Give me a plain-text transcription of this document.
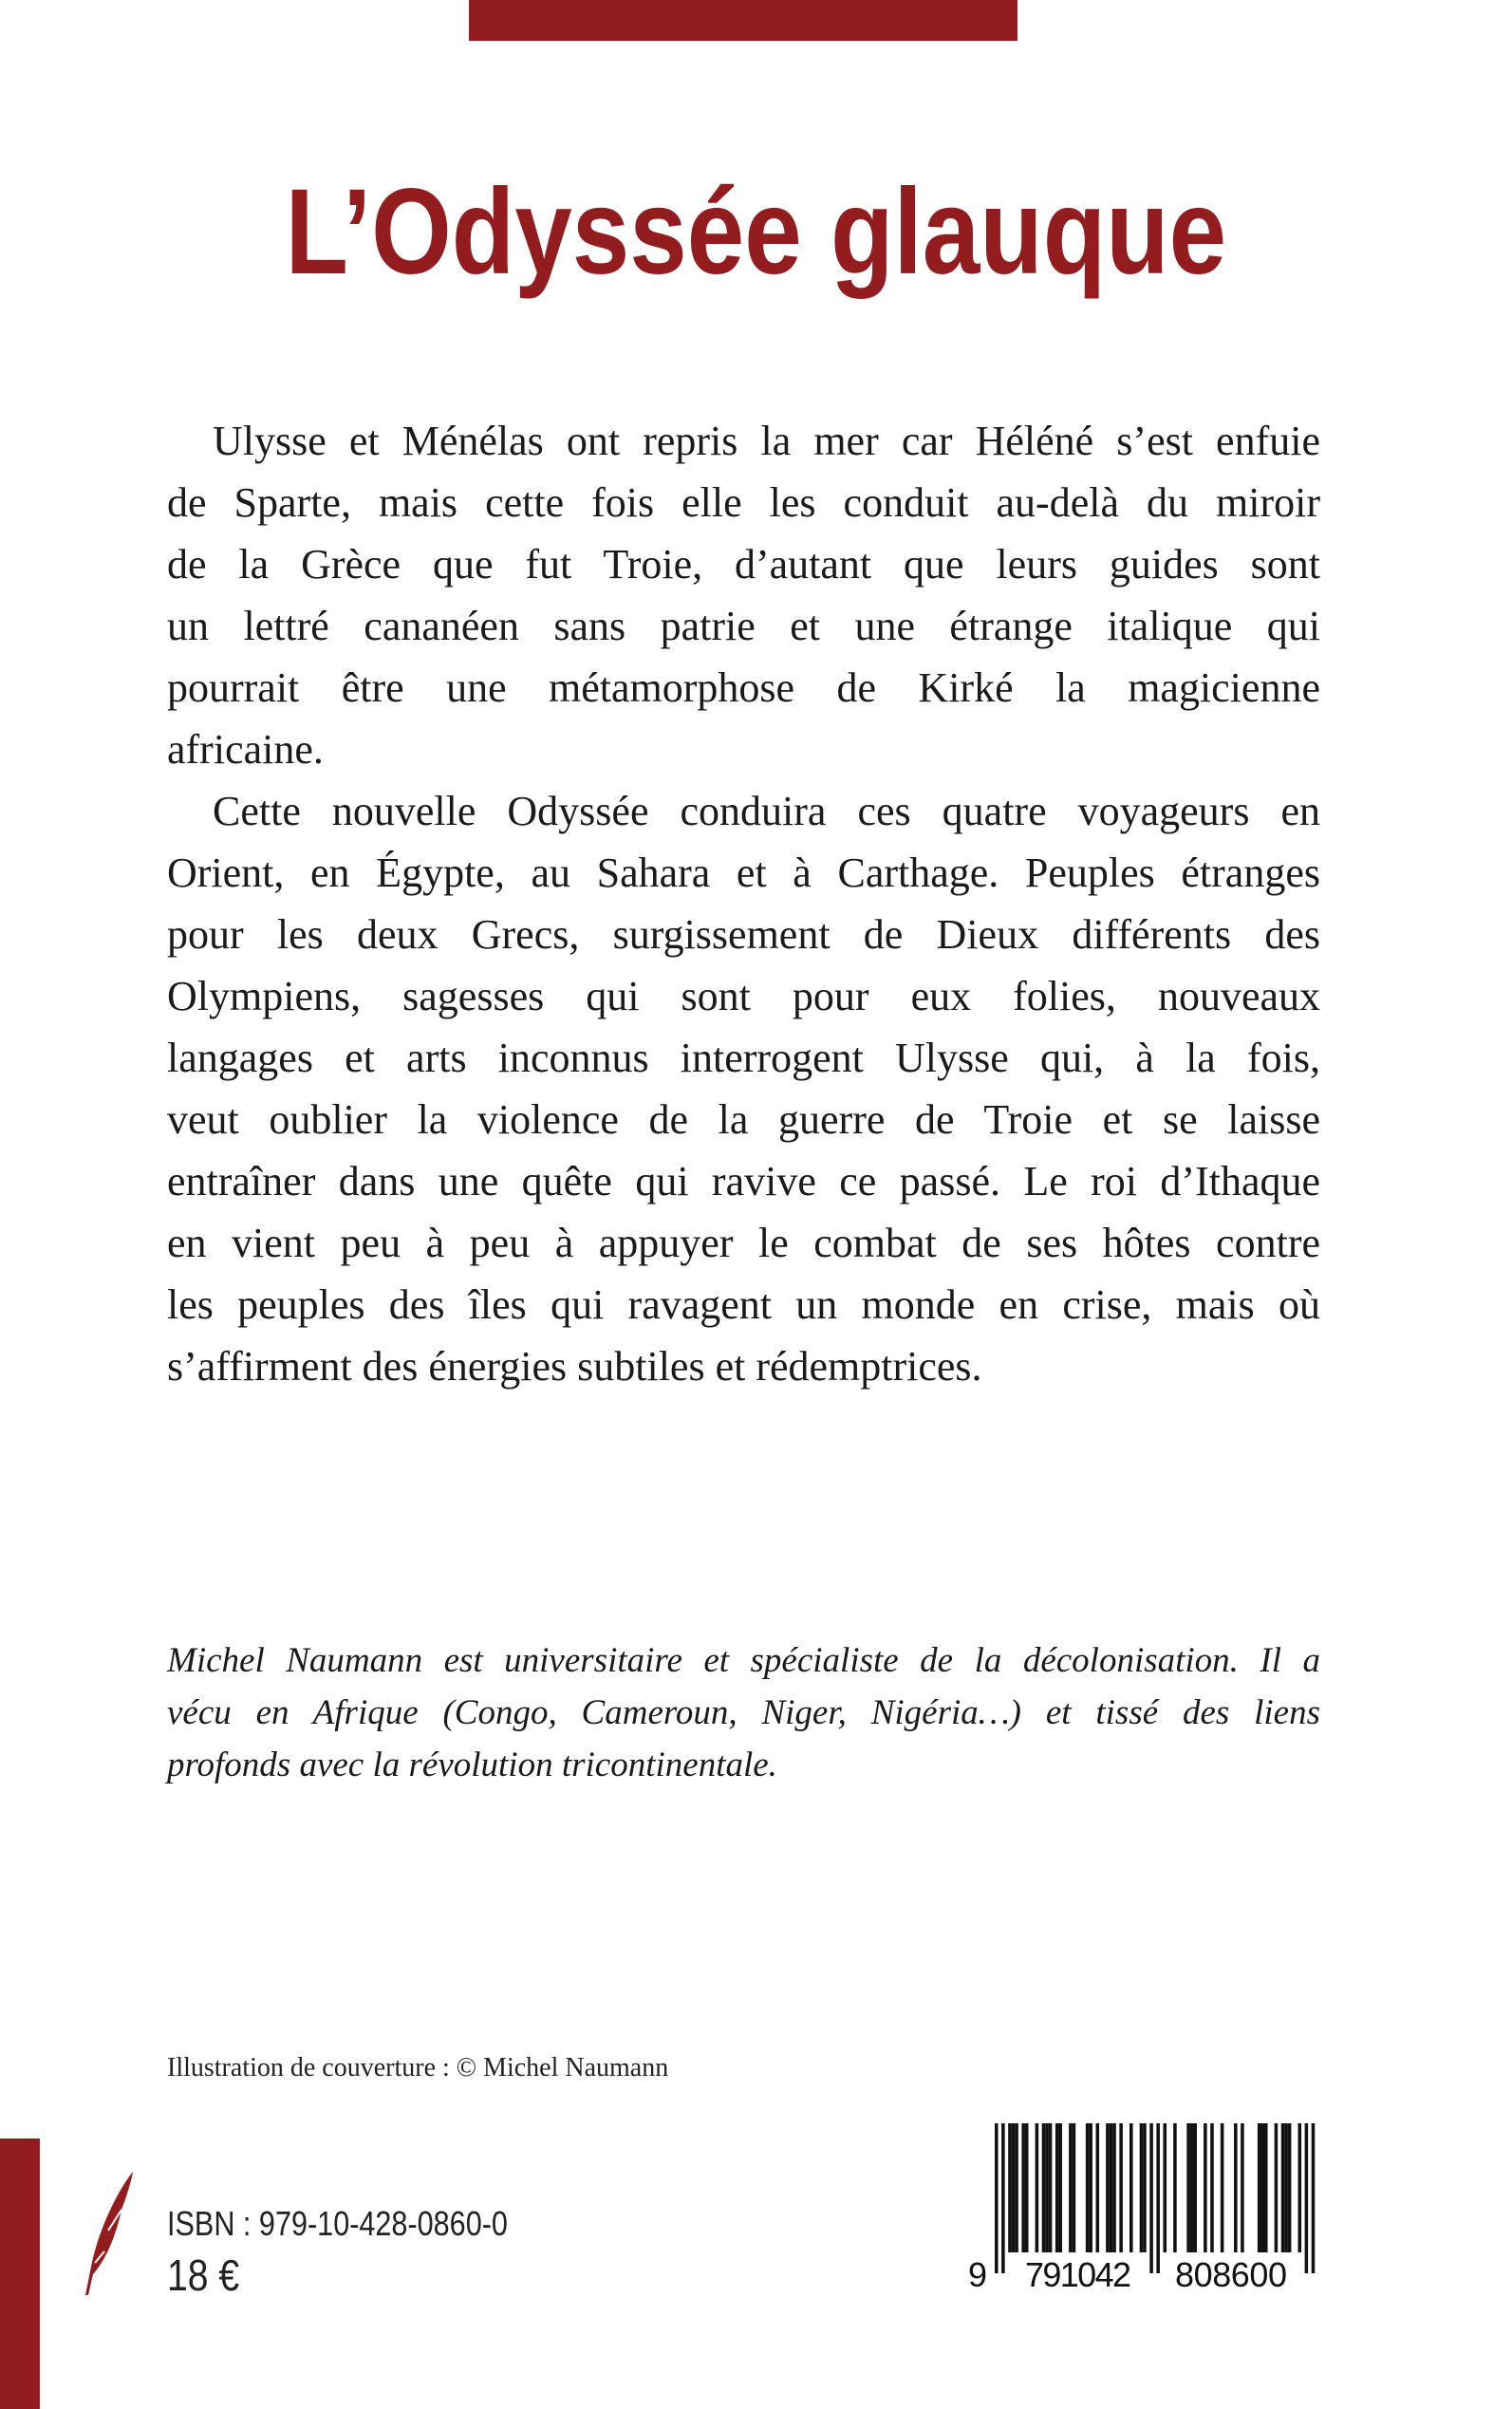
L’Odyssée glauque
Ulysse et Ménélas ont repris la mer car Héléné s’est enfuie
de Sparte, mais cette fois elle les conduit au-delà du miroir
de la Grèce que fut Troie, d’autant que leurs guides sont
un lettré cananéen sans patrie et une étrange italique qui
pourrait être une métamorphose de Kirké la magicienne
africaine.
Cette nouvelle Odyssée conduira ces quatre voyageurs en
Orient, en Égypte, au Sahara et à Carthage. Peuples étranges
pour les deux Grecs, surgissement de Dieux différents des
Olympiens, sagesses qui sont pour eux folies, nouveaux
langages et arts inconnus interrogent Ulysse qui, à la fois,
veut oublier la violence de la guerre de Troie et se laisse
entraîner dans une quête qui ravive ce passé. Le roi d’Ithaque
en vient peu à peu à appuyer le combat de ses hôtes contre
les peuples des îles qui ravagent un monde en crise, mais où
s’affirment des énergies subtiles et rédemptrices.
Michel Naumann est universitaire et spécialiste de la décolonisation. Il a
vécu en Afrique (Congo, Cameroun, Niger, Nigéria…) et tissé des liens
profonds avec la révolution tricontinentale.
Illustration de couverture : © Michel Naumann
ISBN : 979-10-428-0860-0
18 €	9 791042 808600
